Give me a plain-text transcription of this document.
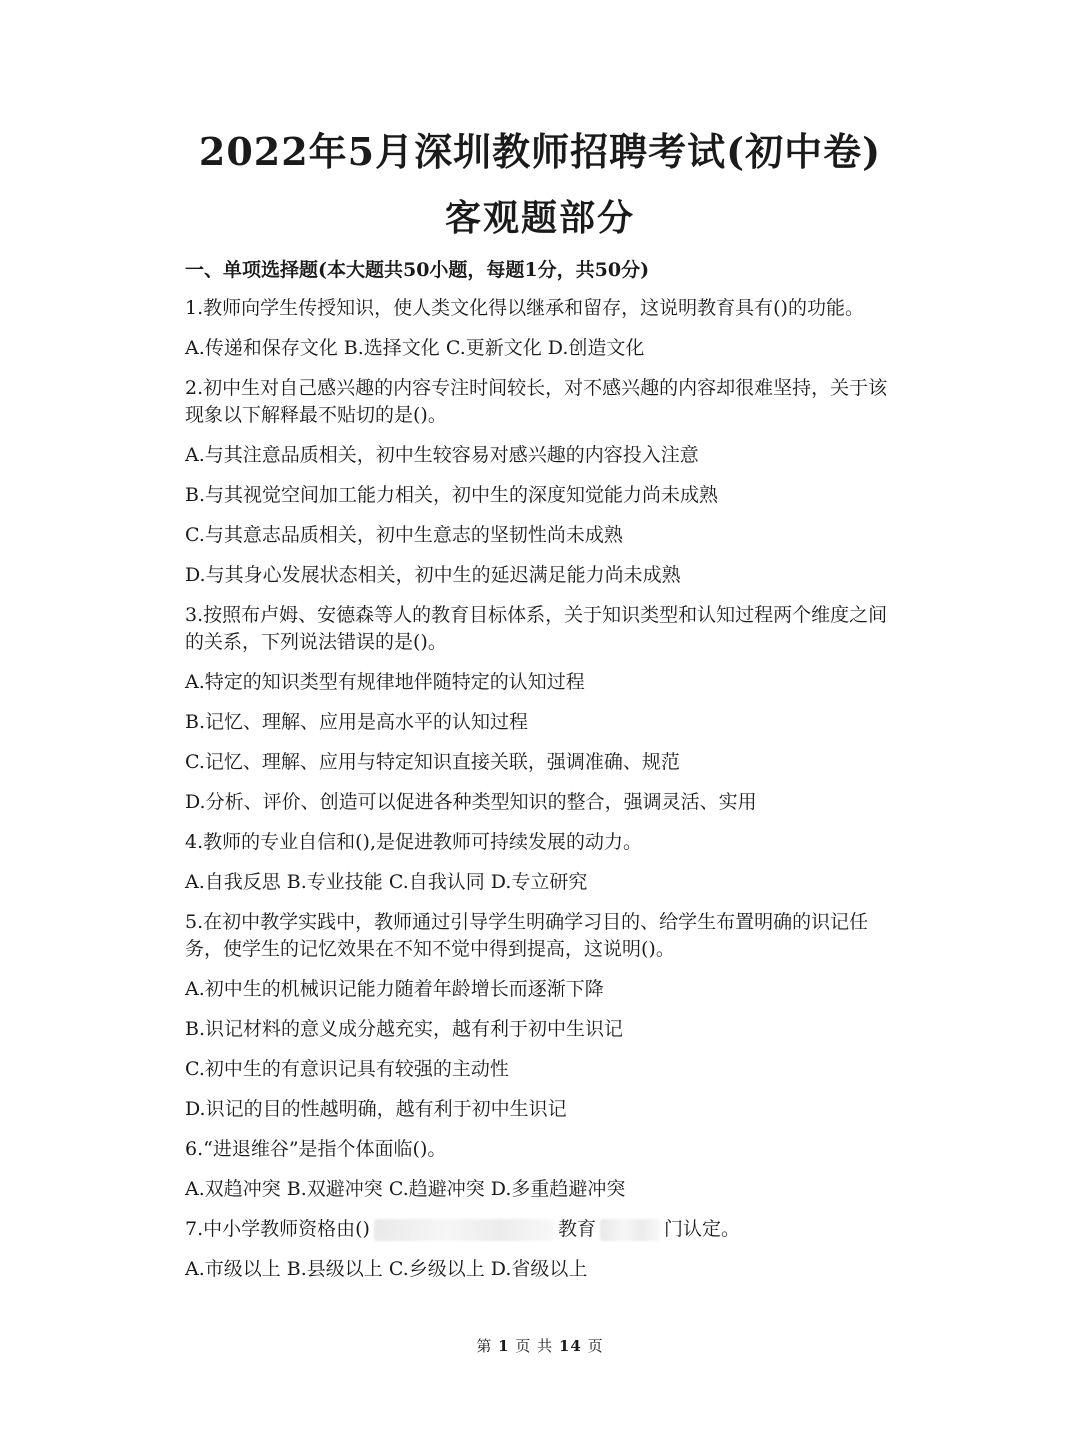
2022年5月深圳教师招聘考试(初中卷)
客观题部分
一、单项选择题(本大题共50小题，每题1分，共50分)
1.教师向学生传授知识，使人类文化得以继承和留存，这说明教育具有()的功能。
A.传递和保存文化 B.选择文化 C.更新文化 D.创造文化
2.初中生对自己感兴趣的内容专注时间较长，对不感兴趣的内容却很难坚持，关于该现象以下解释最不贴切的是()。
A.与其注意品质相关，初中生较容易对感兴趣的内容投入注意
B.与其视觉空间加工能力相关，初中生的深度知觉能力尚未成熟
C.与其意志品质相关，初中生意志的坚韧性尚未成熟
D.与其身心发展状态相关，初中生的延迟满足能力尚未成熟
3.按照布卢姆、安德森等人的教育目标体系，关于知识类型和认知过程两个维度之间的关系，下列说法错误的是()。
A.特定的知识类型有规律地伴随特定的认知过程
B.记忆、理解、应用是高水平的认知过程
C.记忆、理解、应用与特定知识直接关联，强调准确、规范
D.分析、评价、创造可以促进各种类型知识的整合，强调灵活、实用
4.教师的专业自信和(),是促进教师可持续发展的动力。
A.自我反思 B.专业技能 C.自我认同 D.专立研究
5.在初中教学实践中，教师通过引导学生明确学习目的、给学生布置明确的识记任务，使学生的记忆效果在不知不觉中得到提高，这说明()。
A.初中生的机械识记能力随着年龄增长而逐渐下降
B.识记材料的意义成分越充实，越有利于初中生识记
C.初中生的有意识记具有较强的主动性
D.识记的目的性越明确，越有利于初中生识记
6.“进退维谷”是指个体面临()。
A.双趋冲突 B.双避冲突 C.趋避冲突 D.多重趋避冲突
7.中小学教师资格由()	教育	门认定。
A.市级以上 B.县级以上 C.乡级以上 D.省级以上
第 1 页 共 14 页
